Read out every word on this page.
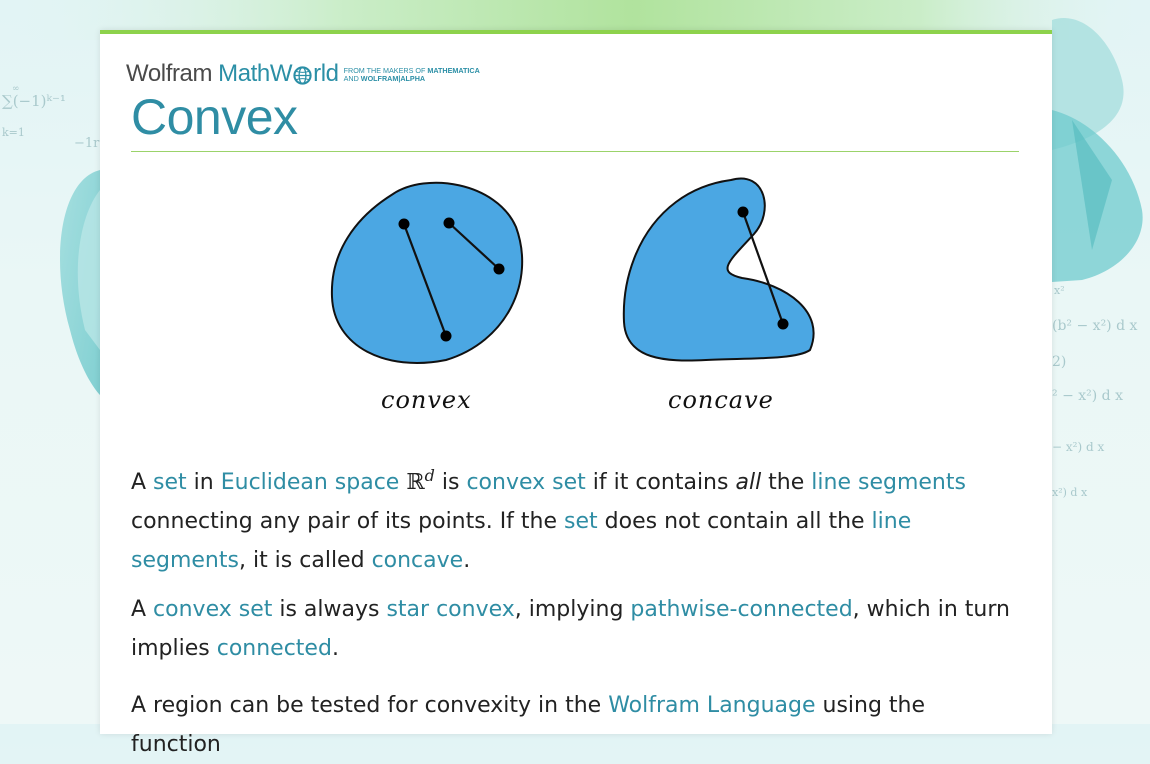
∑(−1)ᵏ⁻¹
k=1
∞
−1r
(b² − x²) d x
x²
2)
² − x²) d x
− x²) d x
x²) d x
Wolfram MathW rld FROM THE MAKERS OF MATHEMATICA
AND WOLFRAM|ALPHA
Convex
convex	concave

A set in Euclidean space ℝ$^d$ is convex set if it contains all the line segments connecting any pair of its points. If the set does not contain all the line segments, it is called concave.

A convex set is always star convex, implying pathwise-connected, which in turn implies connected.

A region can be tested for convexity in the Wolfram Language using the function
